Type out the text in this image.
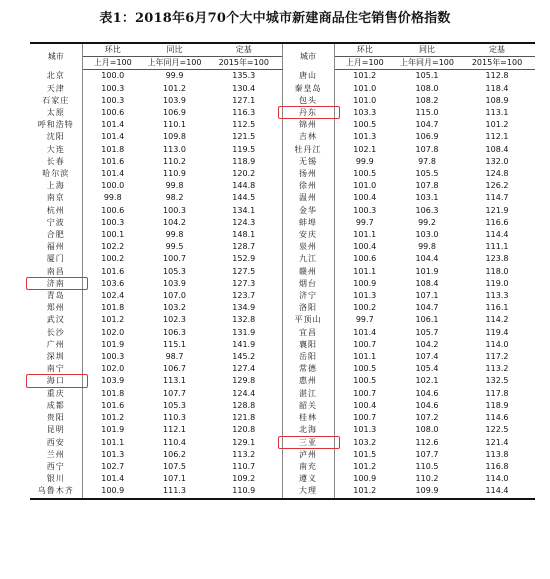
表1：2018年6月70个大中城市新建商品住宅销售价格指数
城市	环比	同比	定基	城市	环比	同比	定基
	上月=100	上年同月=100	2015年=100		上月=100	上年同月=100	2015年=100
北京	100.0	99.9	135.3	唐山	101.2	105.1	112.8
天津	100.3	101.2	130.4	秦皇岛	101.0	108.0	118.4
石家庄	100.3	103.9	127.1	包头	101.0	108.2	108.9
太原	100.6	106.9	116.3	丹东	103.3	115.0	113.1
呼和浩特	101.4	110.1	112.5	锦州	100.5	104.7	101.2
沈阳	101.4	109.8	121.5	吉林	101.3	106.9	112.1
大连	101.8	113.0	119.5	牡丹江	102.1	107.8	108.4
长春	101.6	110.2	118.9	无锡	99.9	97.8	132.0
哈尔滨	101.4	110.9	120.2	扬州	100.5	105.5	124.8
上海	100.0	99.8	144.8	徐州	101.0	107.8	126.2
南京	99.8	98.2	144.5	温州	100.4	103.1	114.7
杭州	100.6	100.3	134.1	金华	100.3	106.3	121.9
宁波	100.3	104.2	124.3	蚌埠	99.7	99.2	116.6
合肥	100.1	99.8	148.1	安庆	101.1	103.0	114.4
福州	102.2	99.5	128.7	泉州	100.4	99.8	111.1
厦门	100.2	100.7	152.9	九江	100.6	104.4	123.8
南昌	101.6	105.3	127.5	赣州	101.1	101.9	118.0
济南	103.6	103.9	127.3	烟台	100.9	108.4	119.0
青岛	102.4	107.0	123.7	济宁	101.3	107.1	113.3
郑州	101.8	103.2	134.9	洛阳	100.2	104.7	116.1
武汉	101.2	102.3	132.8	平顶山	99.7	106.1	114.2
长沙	102.0	106.3	131.9	宜昌	101.4	105.7	119.4
广州	101.9	115.1	141.9	襄阳	100.7	104.2	114.0
深圳	100.3	98.7	145.2	岳阳	101.1	107.4	117.2
南宁	102.0	106.7	127.4	常德	100.5	105.4	113.2
海口	103.9	113.1	129.8	惠州	100.5	102.1	132.5
重庆	101.8	107.7	124.4	湛江	100.7	104.6	117.8
成都	101.6	105.3	128.8	韶关	100.4	104.6	118.9
贵阳	101.2	110.3	121.8	桂林	100.7	107.2	114.6
昆明	101.9	112.1	120.8	北海	101.3	108.0	122.5
西安	101.1	110.4	129.1	三亚	103.2	112.6	121.4
兰州	101.3	106.2	113.2	泸州	101.5	107.7	113.8
西宁	102.7	107.5	110.7	南充	101.2	110.5	116.8
银川	101.4	107.1	109.2	遵义	100.9	110.2	114.0
乌鲁木齐	100.9	111.3	110.9	大理	101.2	109.9	114.4
